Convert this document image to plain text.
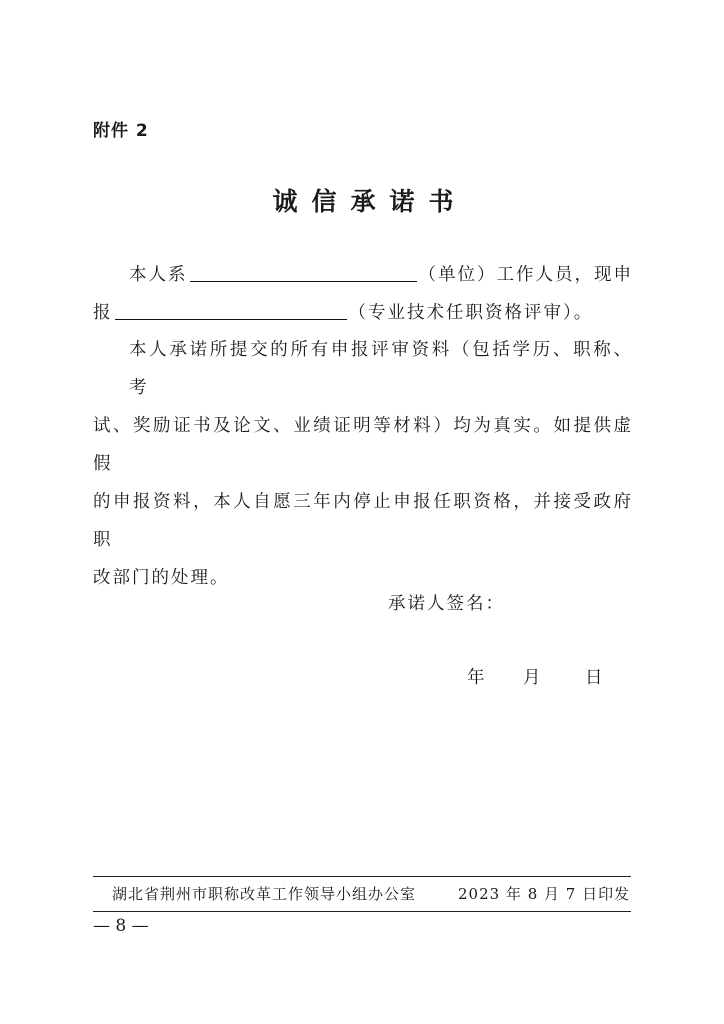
附件 2
诚信承诺书
本人系	（单位）工作人员，现申
报	（专业技术任职资格评审）。
本人承诺所提交的所有申报评审资料（包括学历、职称、考
试、奖励证书及论文、业绩证明等材料）均为真实。如提供虚假
的申报资料，本人自愿三年内停止申报任职资格，并接受政府职
改部门的处理。
承诺人签名：
年 月	日
湖北省荆州市职称改革工作领导小组办公室	2023 年 8 月 7 日印发
— 8 —
